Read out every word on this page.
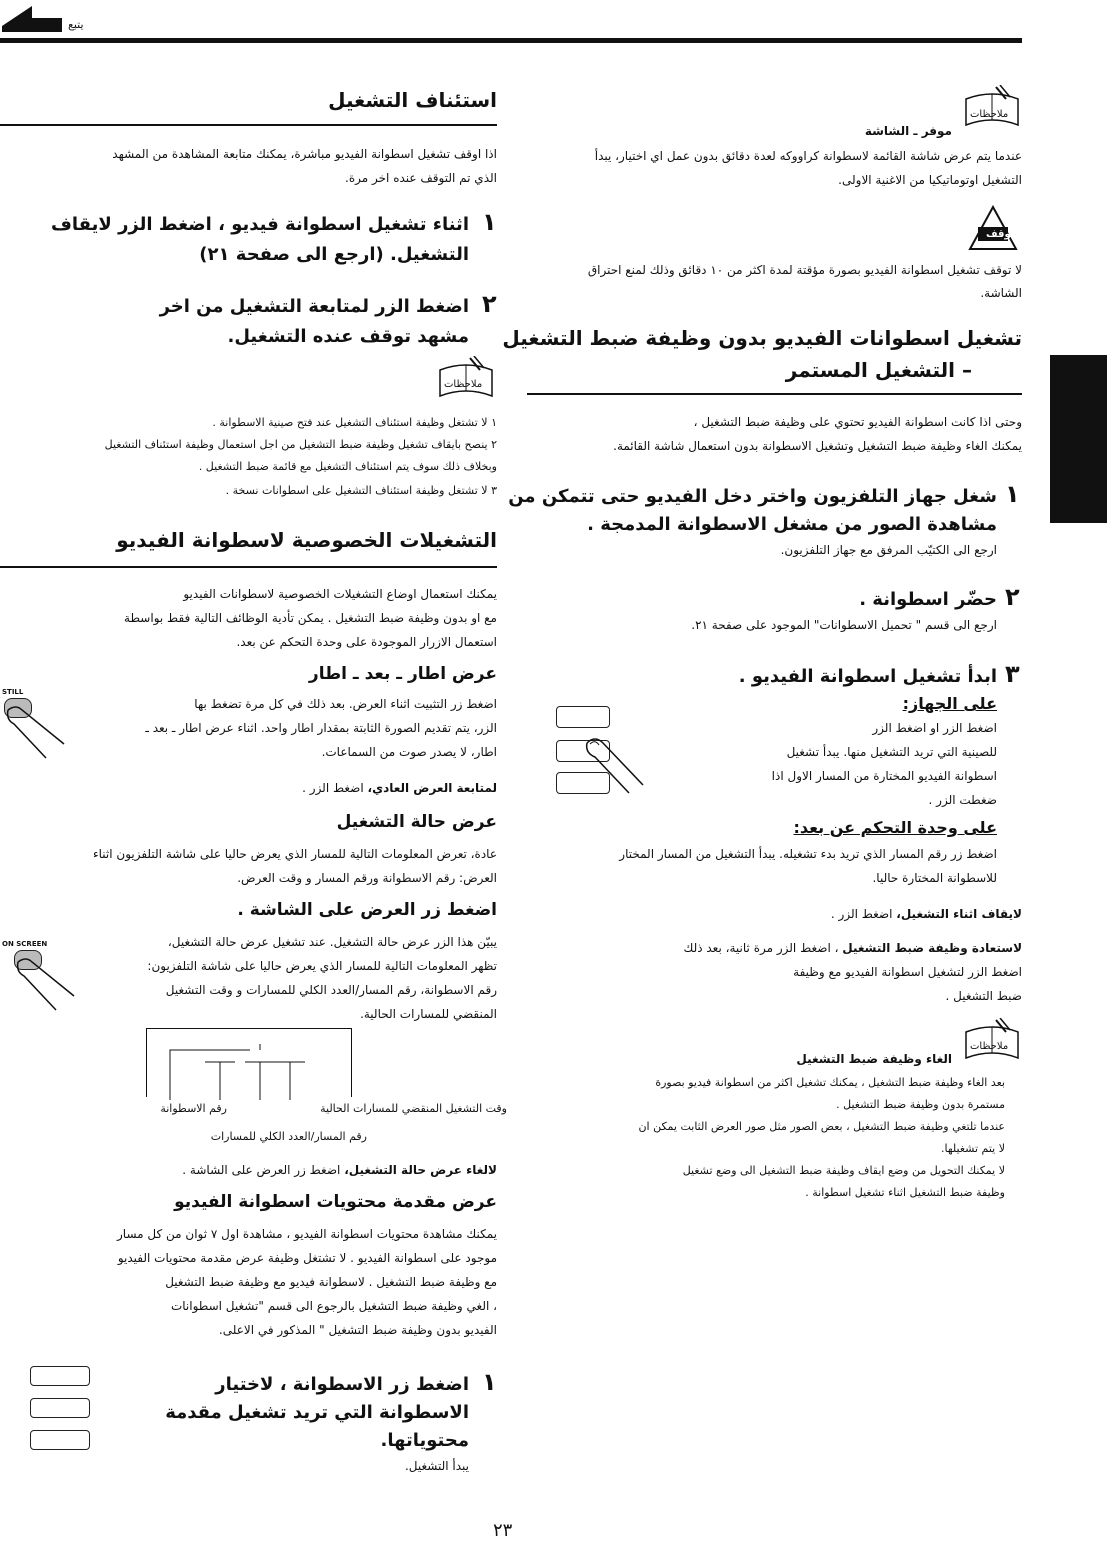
يتبع
ملاحظات
موفر ـ الشاشة
عندما يتم عرض شاشة القائمة لاسطوانة كراووكه لعدة دقائق بدون عمل اي اختيار، يبدأ
التشغيل اوتوماتيكيا من الاغنية الاولى.
توقف
لا توقف تشغيل اسطوانة الفيديو بصورة مؤقتة لمدة اكثر من ١٠ دقائق وذلك لمنع احتراق
الشاشة.
تشغيل اسطوانات الفيديو بدون وظيفة ضبط التشغيل
– التشغيل المستمر
وحتى اذا كانت اسطوانة الفيديو تحتوي على وظيفة ضبط التشغيل ،
يمكنك الغاء وظيفة ضبط التشغيل وتشغيل الاسطوانة بدون استعمال شاشة القائمة.
١
شغل جهاز التلفزيون واختر دخل الفيديو حتى تتمكن من
مشاهدة الصور من مشغل الاسطوانة المدمجة .
ارجع الى الكتيّب المرفق مع جهاز التلفزيون.
٢
حضّر اسطوانة .
ارجع الى قسم " تحميل الاسطوانات" الموجود على صفحة ٢١.
٣
ابدأ تشغيل اسطوانة الفيديو .
على الجهاز:
اضغط الزر او اضغط الزر
للصينية التي تريد التشغيل منها. يبدأ تشغيل
اسطوانة الفيديو المختارة من المسار الاول اذا
ضغطت الزر .
على وحدة التحكم عن بعد:
اضغط زر رقم المسار الذي تريد بدء تشغيله. يبدأ التشغيل من المسار المختار
للاسطوانة المختارة حاليا.
لايقاف اثناء التشغيل، اضغط الزر .
لاستعادة وظيفة ضبط التشغيل ، اضغط الزر مرة ثانية، بعد ذلك
اضغط الزر لتشغيل اسطوانة الفيديو مع وظيفة
ضبط التشغيل .
ملاحظات
الغاء وظيفة ضبط التشغيل
بعد الغاء وظيفة ضبط التشغيل ، يمكنك تشغيل اكثر من اسطوانة فيديو بصورة
مستمرة بدون وظيفة ضبط التشغيل .
عندما تلتغي وظيفة ضبط التشغيل ، بعض الصور مثل صور العرض الثابت يمكن ان
لا يتم تشغيلها.
لا يمكنك التحويل من وضع ايقاف وظيفة ضبط التشغيل الى وضع تشغيل
وظيفة ضبط التشغيل اثناء تشغيل اسطوانة .
استئناف التشغيل
اذا اوقف تشغيل اسطوانة الفيديو مباشرة، يمكنك متابعة المشاهدة من المشهد
الذي تم التوقف عنده اخر مرة.
١
اثناء تشغيل اسطوانة فيديو ، اضغط الزر لايقاف
التشغيل. (ارجع الى صفحة ٢١)
٢
اضغط الزر لمتابعة التشغيل من اخر
مشهد توقف عنده التشغيل.
ملاحظات
١ لا تشتغل وظيفة استئناف التشغيل عند فتح صينية الاسطوانة .
٢ ينصح بايقاف تشغيل وظيفة ضبط التشغيل من اجل استعمال وظيفة استئناف التشغيل
وبخلاف ذلك سوف يتم استئناف التشغيل مع قائمة ضبط التشغيل .
٣ لا تشتغل وظيفة استئناف التشغيل على اسطوانات نسخة .
التشغيلات الخصوصية لاسطوانة الفيديو
يمكنك استعمال اوضاع التشغيلات الخصوصية لاسطوانات الفيديو
مع او بدون وظيفة ضبط التشغيل . يمكن تأدية الوظائف التالية فقط بواسطة
استعمال الازرار الموجودة على وحدة التحكم عن بعد.
عرض اطار ـ بعد ـ اطار
STILL
اضغط زر التثبيت اثناء العرض. بعد ذلك في كل مرة تضغط بها
الزر، يتم تقديم الصورة الثابتة بمقدار اطار واحد. اثناء عرض اطار ـ بعد ـ
اطار، لا يصدر صوت من السماعات.
لمتابعة العرض العادي، اضغط الزر .
عرض حالة التشغيل
عادة، تعرض المعلومات التالية للمسار الذي يعرض حاليا على شاشة التلفزيون اثناء
العرض: رقم الاسطوانة ورقم المسار و وقت العرض.
اضغط زر العرض على الشاشة .
ON SCREEN	يبيّن هذا الزر عرض حالة التشغيل. عند تشغيل عرض حالة التشغيل،
تظهر المعلومات التالية للمسار الذي يعرض حاليا على شاشة التلفزيون:
رقم الاسطوانة، رقم المسار/العدد الكلي للمسارات و وقت التشغيل
المنقضي للمسارات الحالية.
وقت التشغيل المنقضي للمسارات الحالية
رقم الاسطوانة
رقم المسار/العدد الكلي للمسارات
لالغاء عرض حالة التشغيل، اضغط زر العرض على الشاشة .
عرض مقدمة محتويات اسطوانة الفيديو
يمكنك مشاهدة محتويات اسطوانة الفيديو ، مشاهدة اول ٧ ثوان من كل مسار
موجود على اسطوانة الفيديو . لا تشتغل وظيفة عرض مقدمة محتويات الفيديو
مع وظيفة ضبط التشغيل . لاسطوانة فيديو مع وظيفة ضبط التشغيل
، الغي وظيفة ضبط التشغيل بالرجوع الى قسم "تشغيل اسطوانات
الفيديو بدون وظيفة ضبط التشغيل " المذكور في الاعلى.
١
اضغط زر الاسطوانة ، لاختيار
الاسطوانة التي تريد تشغيل مقدمة
محتوياتها.
يبدأ التشغيل.
٢٣
